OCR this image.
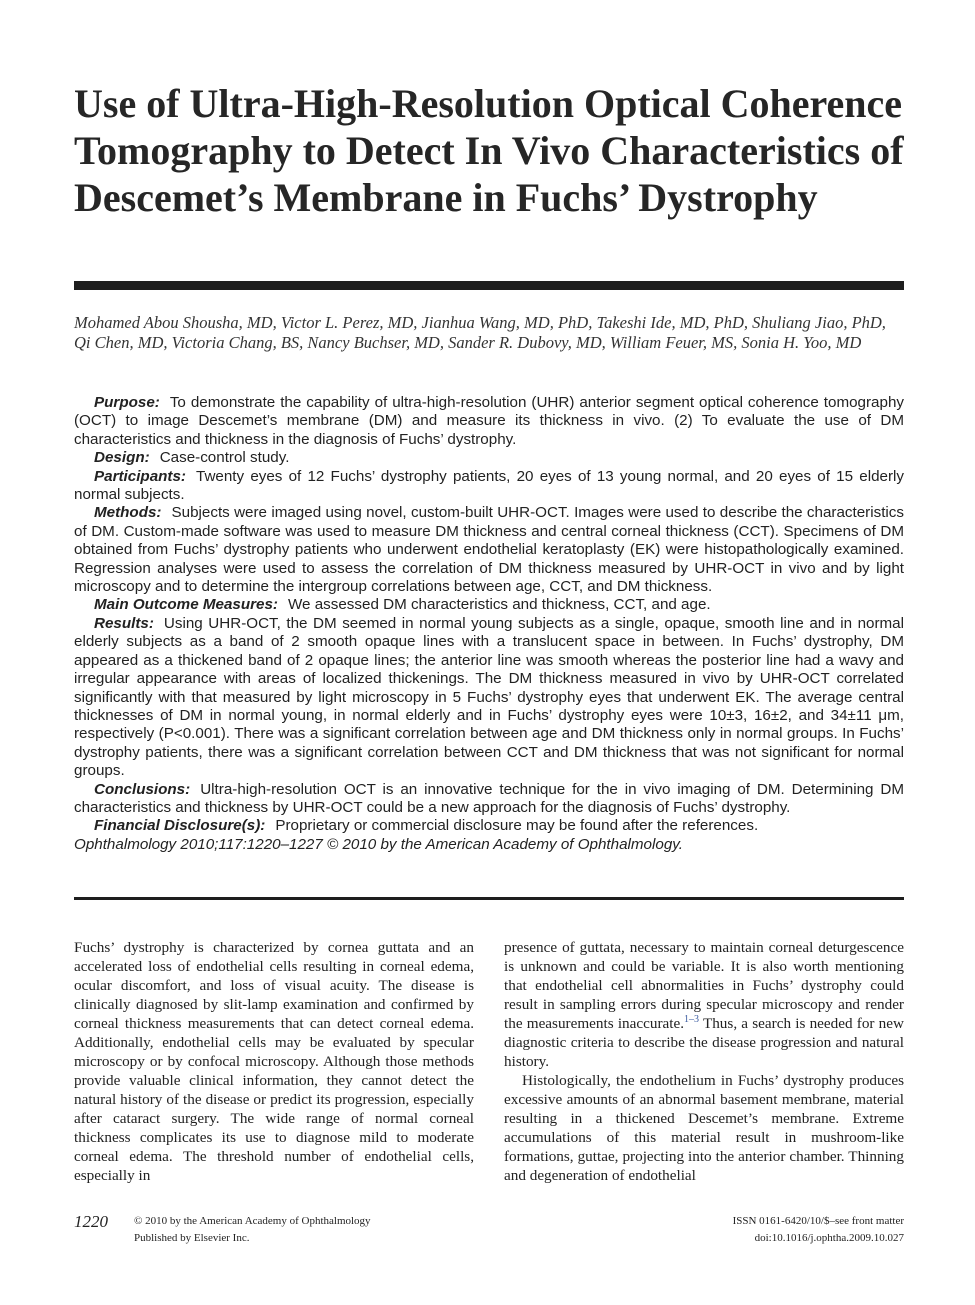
Use of Ultra-High-Resolution Optical Coherence Tomography to Detect In Vivo Characteristics of Descemet’s Membrane in Fuchs’ Dystrophy
Mohamed Abou Shousha, MD, Victor L. Perez, MD, Jianhua Wang, MD, PhD, Takeshi Ide, MD, PhD, Shuliang Jiao, PhD, Qi Chen, MD, Victoria Chang, BS, Nancy Buchser, MD, Sander R. Dubovy, MD, William Feuer, MS, Sonia H. Yoo, MD

Purpose: To demonstrate the capability of ultra-high-resolution (UHR) anterior segment optical coherence tomography (OCT) to image Descemet’s membrane (DM) and measure its thickness in vivo. (2) To evaluate the use of DM characteristics and thickness in the diagnosis of Fuchs’ dystrophy.

Design: Case-control study.

Participants: Twenty eyes of 12 Fuchs’ dystrophy patients, 20 eyes of 13 young normal, and 20 eyes of 15 elderly normal subjects.

Methods: Subjects were imaged using novel, custom-built UHR-OCT. Images were used to describe the characteristics of DM. Custom-made software was used to measure DM thickness and central corneal thickness (CCT). Specimens of DM obtained from Fuchs’ dystrophy patients who underwent endothelial keratoplasty (EK) were histopathologically examined. Regression analyses were used to assess the correlation of DM thickness measured by UHR-OCT in vivo and by light microscopy and to determine the intergroup correlations between age, CCT, and DM thickness.

Main Outcome Measures: We assessed DM characteristics and thickness, CCT, and age.

Results: Using UHR-OCT, the DM seemed in normal young subjects as a single, opaque, smooth line and in normal elderly subjects as a band of 2 smooth opaque lines with a translucent space in between. In Fuchs’ dystrophy, DM appeared as a thickened band of 2 opaque lines; the anterior line was smooth whereas the posterior line had a wavy and irregular appearance with areas of localized thickenings. The DM thickness measured in vivo by UHR-OCT correlated significantly with that measured by light microscopy in 5 Fuchs’ dystrophy eyes that underwent EK. The average central thicknesses of DM in normal young, in normal elderly and in Fuchs’ dystrophy eyes were 10±3, 16±2, and 34±11 μm, respectively (P<0.001). There was a significant correlation between age and DM thickness only in normal groups. In Fuchs’ dystrophy patients, there was a significant correlation between CCT and DM thickness that was not significant for normal groups.

Conclusions: Ultra-high-resolution OCT is an innovative technique for the in vivo imaging of DM. Determining DM characteristics and thickness by UHR-OCT could be a new approach for the diagnosis of Fuchs’ dystrophy.

Financial Disclosure(s): Proprietary or commercial disclosure may be found after the references.
Ophthalmology 2010;117:1220–1227 © 2010 by the American Academy of Ophthalmology.

Fuchs’ dystrophy is characterized by cornea guttata and an accelerated loss of endothelial cells resulting in corneal edema, ocular discomfort, and loss of visual acuity. The disease is clinically diagnosed by slit-lamp examination and confirmed by corneal thickness measurements that can detect corneal edema. Additionally, endothelial cells may be evaluated by specular microscopy or by confocal microscopy. Although those methods provide valuable clinical information, they cannot detect the natural history of the disease or predict its progression, especially after cataract surgery. The wide range of normal corneal thickness complicates its use to diagnose mild to moderate corneal edema. The threshold number of endothelial cells, especially in

presence of guttata, necessary to maintain corneal deturgescence is unknown and could be variable. It is also worth mentioning that endothelial cell abnormalities in Fuchs’ dystrophy could result in sampling errors during specular microscopy and render the measurements inaccurate.$^{1-3}$ Thus, a search is needed for new diagnostic criteria to describe the disease progression and natural history.

Histologically, the endothelium in Fuchs’ dystrophy produces excessive amounts of an abnormal basement membrane, material resulting in a thickened Descemet’s membrane. Extreme accumulations of this material result in mushroom-like formations, guttae, projecting into the anterior chamber. Thinning and degeneration of endothelial

1220 © 2010 by the American Academy of Ophthalmology
Published by Elsevier Inc.
ISSN 0161-6420/10/$–see front matter
doi:10.1016/j.ophtha.2009.10.027
